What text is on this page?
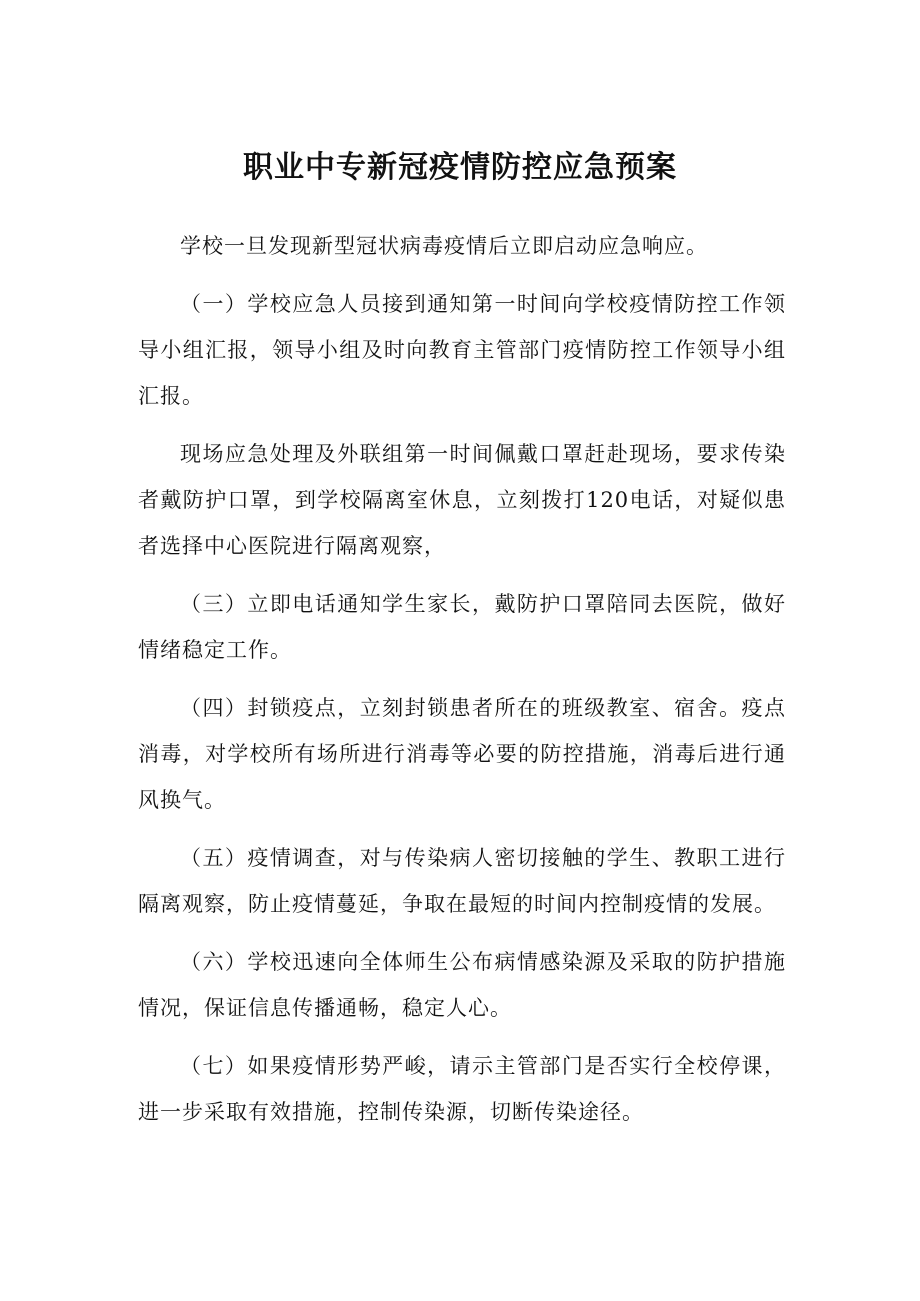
职业中专新冠疫情防控应急预案

学校一旦发现新型冠状病毒疫情后立即启动应急响应。

（一）学校应急人员接到通知第一时间向学校疫情防控工作领导小组汇报，领导小组及时向教育主管部门疫情防控工作领导小组汇报。

现场应急处理及外联组第一时间佩戴口罩赶赴现场，要求传染者戴防护口罩，到学校隔离室休息，立刻拨打120电话，对疑似患者选择中心医院进行隔离观察，

（三）立即电话通知学生家长，戴防护口罩陪同去医院，做好情绪稳定工作。

（四）封锁疫点，立刻封锁患者所在的班级教室、宿舍。疫点消毒，对学校所有场所进行消毒等必要的防控措施，消毒后进行通风换气。

（五）疫情调查，对与传染病人密切接触的学生、教职工进行隔离观察，防止疫情蔓延，争取在最短的时间内控制疫情的发展。

（六）学校迅速向全体师生公布病情感染源及采取的防护措施情况，保证信息传播通畅，稳定人心。

（七）如果疫情形势严峻，请示主管部门是否实行全校停课，进一步采取有效措施，控制传染源，切断传染途径。
